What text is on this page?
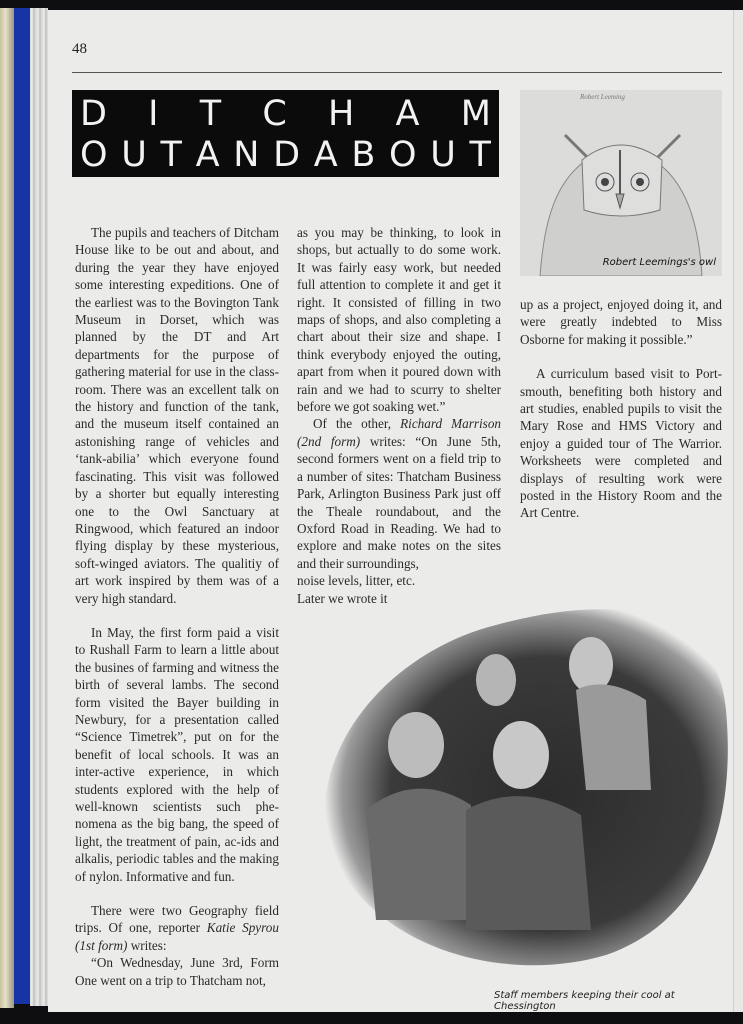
48
D I T C H A M
O U T A N D A B O U T

The pupils and teachers of Ditcham House like to be out and about, and during the year they have enjoyed some interesting expeditions. One of the earliest was to the Bovington Tank Museum in Dorset, which was planned by the DT and Art departments for the purpose of gathering material for use in the class-room. There was an excellent talk on the history and function of the tank, and the museum itself contained an astonishing range of vehicles and ‘tank-abilia’ which everyone found fascinating. This visit was followed by a shorter but equally interesting one to the Owl Sanctuary at Ringwood, which featured an indoor flying display by these mysterious, soft-winged aviators. The qualitiy of art work inspired by them was of a very high standard.

In May, the first form paid a visit to Rushall Farm to learn a little about the busines of farming and witness the birth of several lambs. The second form visited the Bayer building in Newbury, for a presentation called “Science Timetrek”, put on for the benefit of local schools. It was an inter-active experience, in which students explored with the help of well-known scientists such phe-nomena as the big bang, the speed of light, the treatment of pain, ac-ids and alkalis, periodic tables and the making of nylon. Informative and fun.

There were two Geography field trips. Of one, reporter Katie Spyrou (1st form) writes:

“On Wednesday, June 3rd, Form One went on a trip to Thatcham not,

as you may be thinking, to look in shops, but actually to do some work. It was fairly easy work, but needed full attention to complete it and get it right. It consisted of filling in two maps of shops, and also completing a chart about their size and shape. I think everybody enjoyed the outing, apart from when it poured down with rain and we had to scurry to shelter before we got soaking wet.”

Of the other, Richard Marrison (2nd form) writes: “On June 5th, second formers went on a field trip to a number of sites: Thatcham Business Park, Arlington Business Park just off the Theale roundabout, and the Oxford Road in Reading. We had to explore and make notes on the sites and their surroundings,

noise levels, litter, etc.

Later we wrote it

Robert Leeming
Robert Leemings's owl

up as a project, enjoyed doing it, and were greatly indebted to Miss Osborne for making it possible.”

A curriculum based visit to Port-smouth, benefiting both history and art studies, enabled pupils to visit the Mary Rose and HMS Victory and enjoy a guided tour of The Warrior. Worksheets were completed and displays of resulting work were posted in the History Room and the Art Centre.

Staff members keeping their cool at Chessington
